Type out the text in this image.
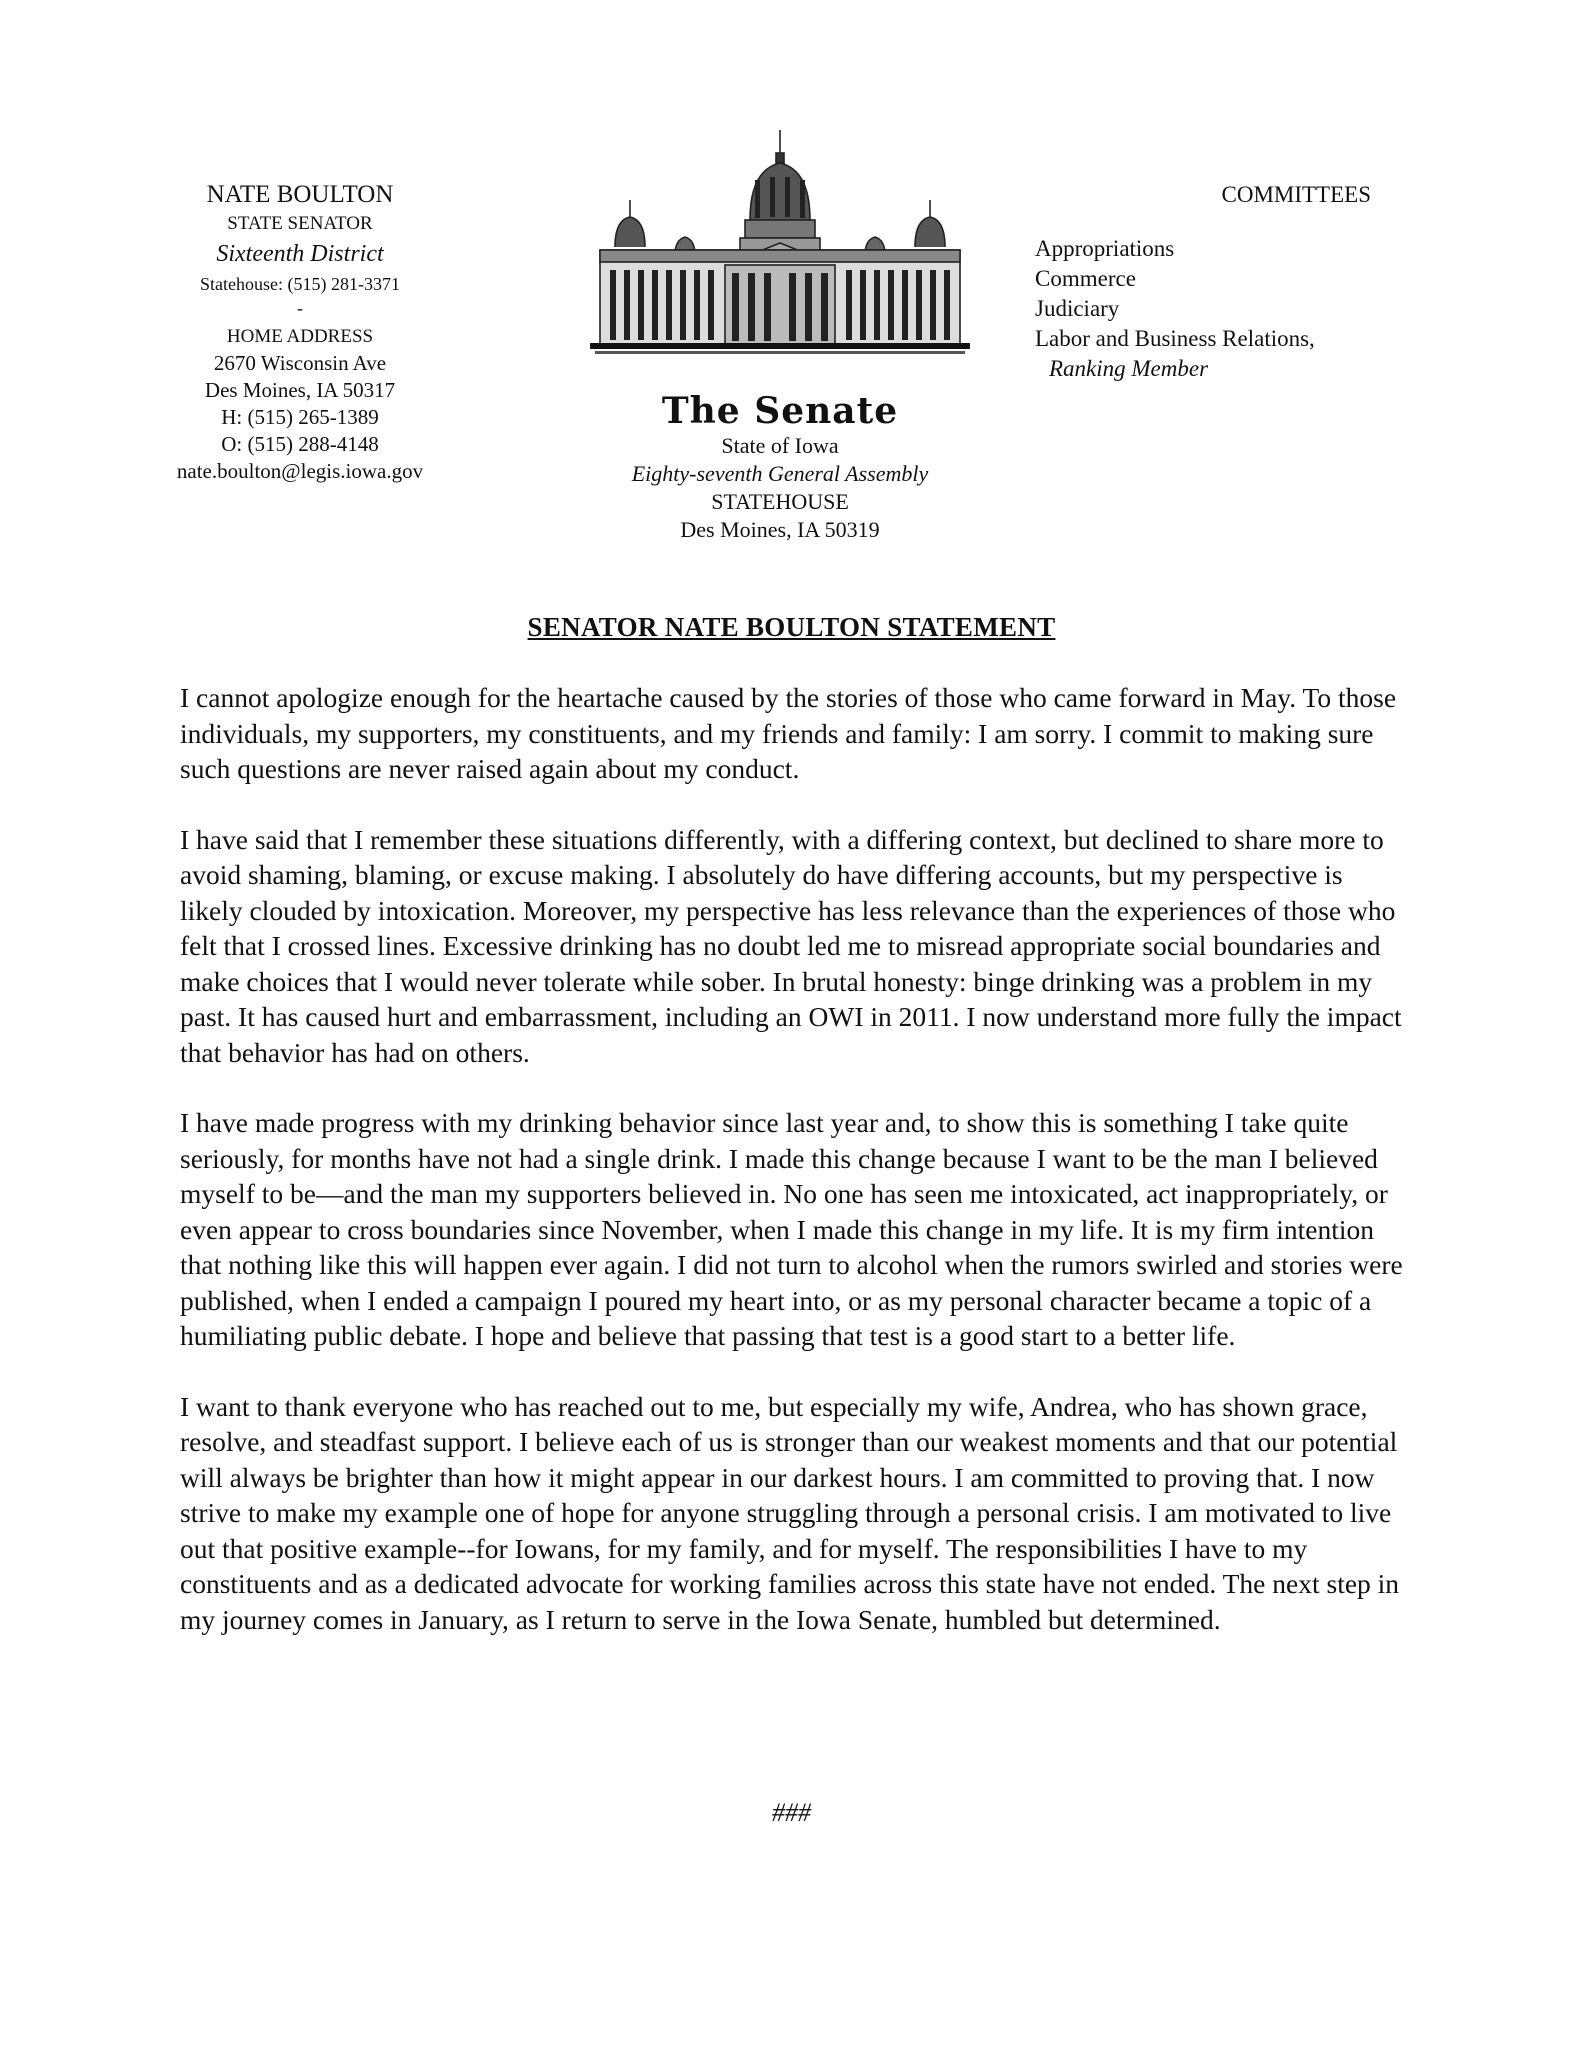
NATE BOULTON
STATE SENATOR
Sixteenth District
Statehouse: (515) 281-3371
-
HOME ADDRESS
2670 Wisconsin Ave
Des Moines, IA 50317
H: (515) 265-1389
O: (515) 288-4148
nate.boulton@legis.iowa.gov
The Senate
State of Iowa
Eighty-seventh General Assembly
STATEHOUSE
Des Moines, IA 50319
COMMITTEES
Appropriations
Commerce
Judiciary
Labor and Business Relations,
Ranking Member
SENATOR NATE BOULTON STATEMENT

I cannot apologize enough for the heartache caused by the stories of those who came forward in May. To those individuals, my supporters, my constituents, and my friends and family: I am sorry. I commit to making sure such questions are never raised again about my conduct.

I have said that I remember these situations differently, with a differing context, but declined to share more to avoid shaming, blaming, or excuse making. I absolutely do have differing accounts, but my perspective is likely clouded by intoxication. Moreover, my perspective has less relevance than the experiences of those who felt that I crossed lines. Excessive drinking has no doubt led me to misread appropriate social boundaries and make choices that I would never tolerate while sober. In brutal honesty: binge drinking was a problem in my past. It has caused hurt and embarrassment, including an OWI in 2011. I now understand more fully the impact that behavior has had on others.

I have made progress with my drinking behavior since last year and, to show this is something I take quite seriously, for months have not had a single drink. I made this change because I want to be the man I believed myself to be—and the man my supporters believed in. No one has seen me intoxicated, act inappropriately, or even appear to cross boundaries since November, when I made this change in my life. It is my firm intention that nothing like this will happen ever again. I did not turn to alcohol when the rumors swirled and stories were published, when I ended a campaign I poured my heart into, or as my personal character became a topic of a humiliating public debate. I hope and believe that passing that test is a good start to a better life.

I want to thank everyone who has reached out to me, but especially my wife, Andrea, who has shown grace, resolve, and steadfast support. I believe each of us is stronger than our weakest moments and that our potential will always be brighter than how it might appear in our darkest hours. I am committed to proving that. I now strive to make my example one of hope for anyone struggling through a personal crisis. I am motivated to live out that positive example--for Iowans, for my family, and for myself. The responsibilities I have to my constituents and as a dedicated advocate for working families across this state have not ended. The next step in my journey comes in January, as I return to serve in the Iowa Senate, humbled but determined.

###
